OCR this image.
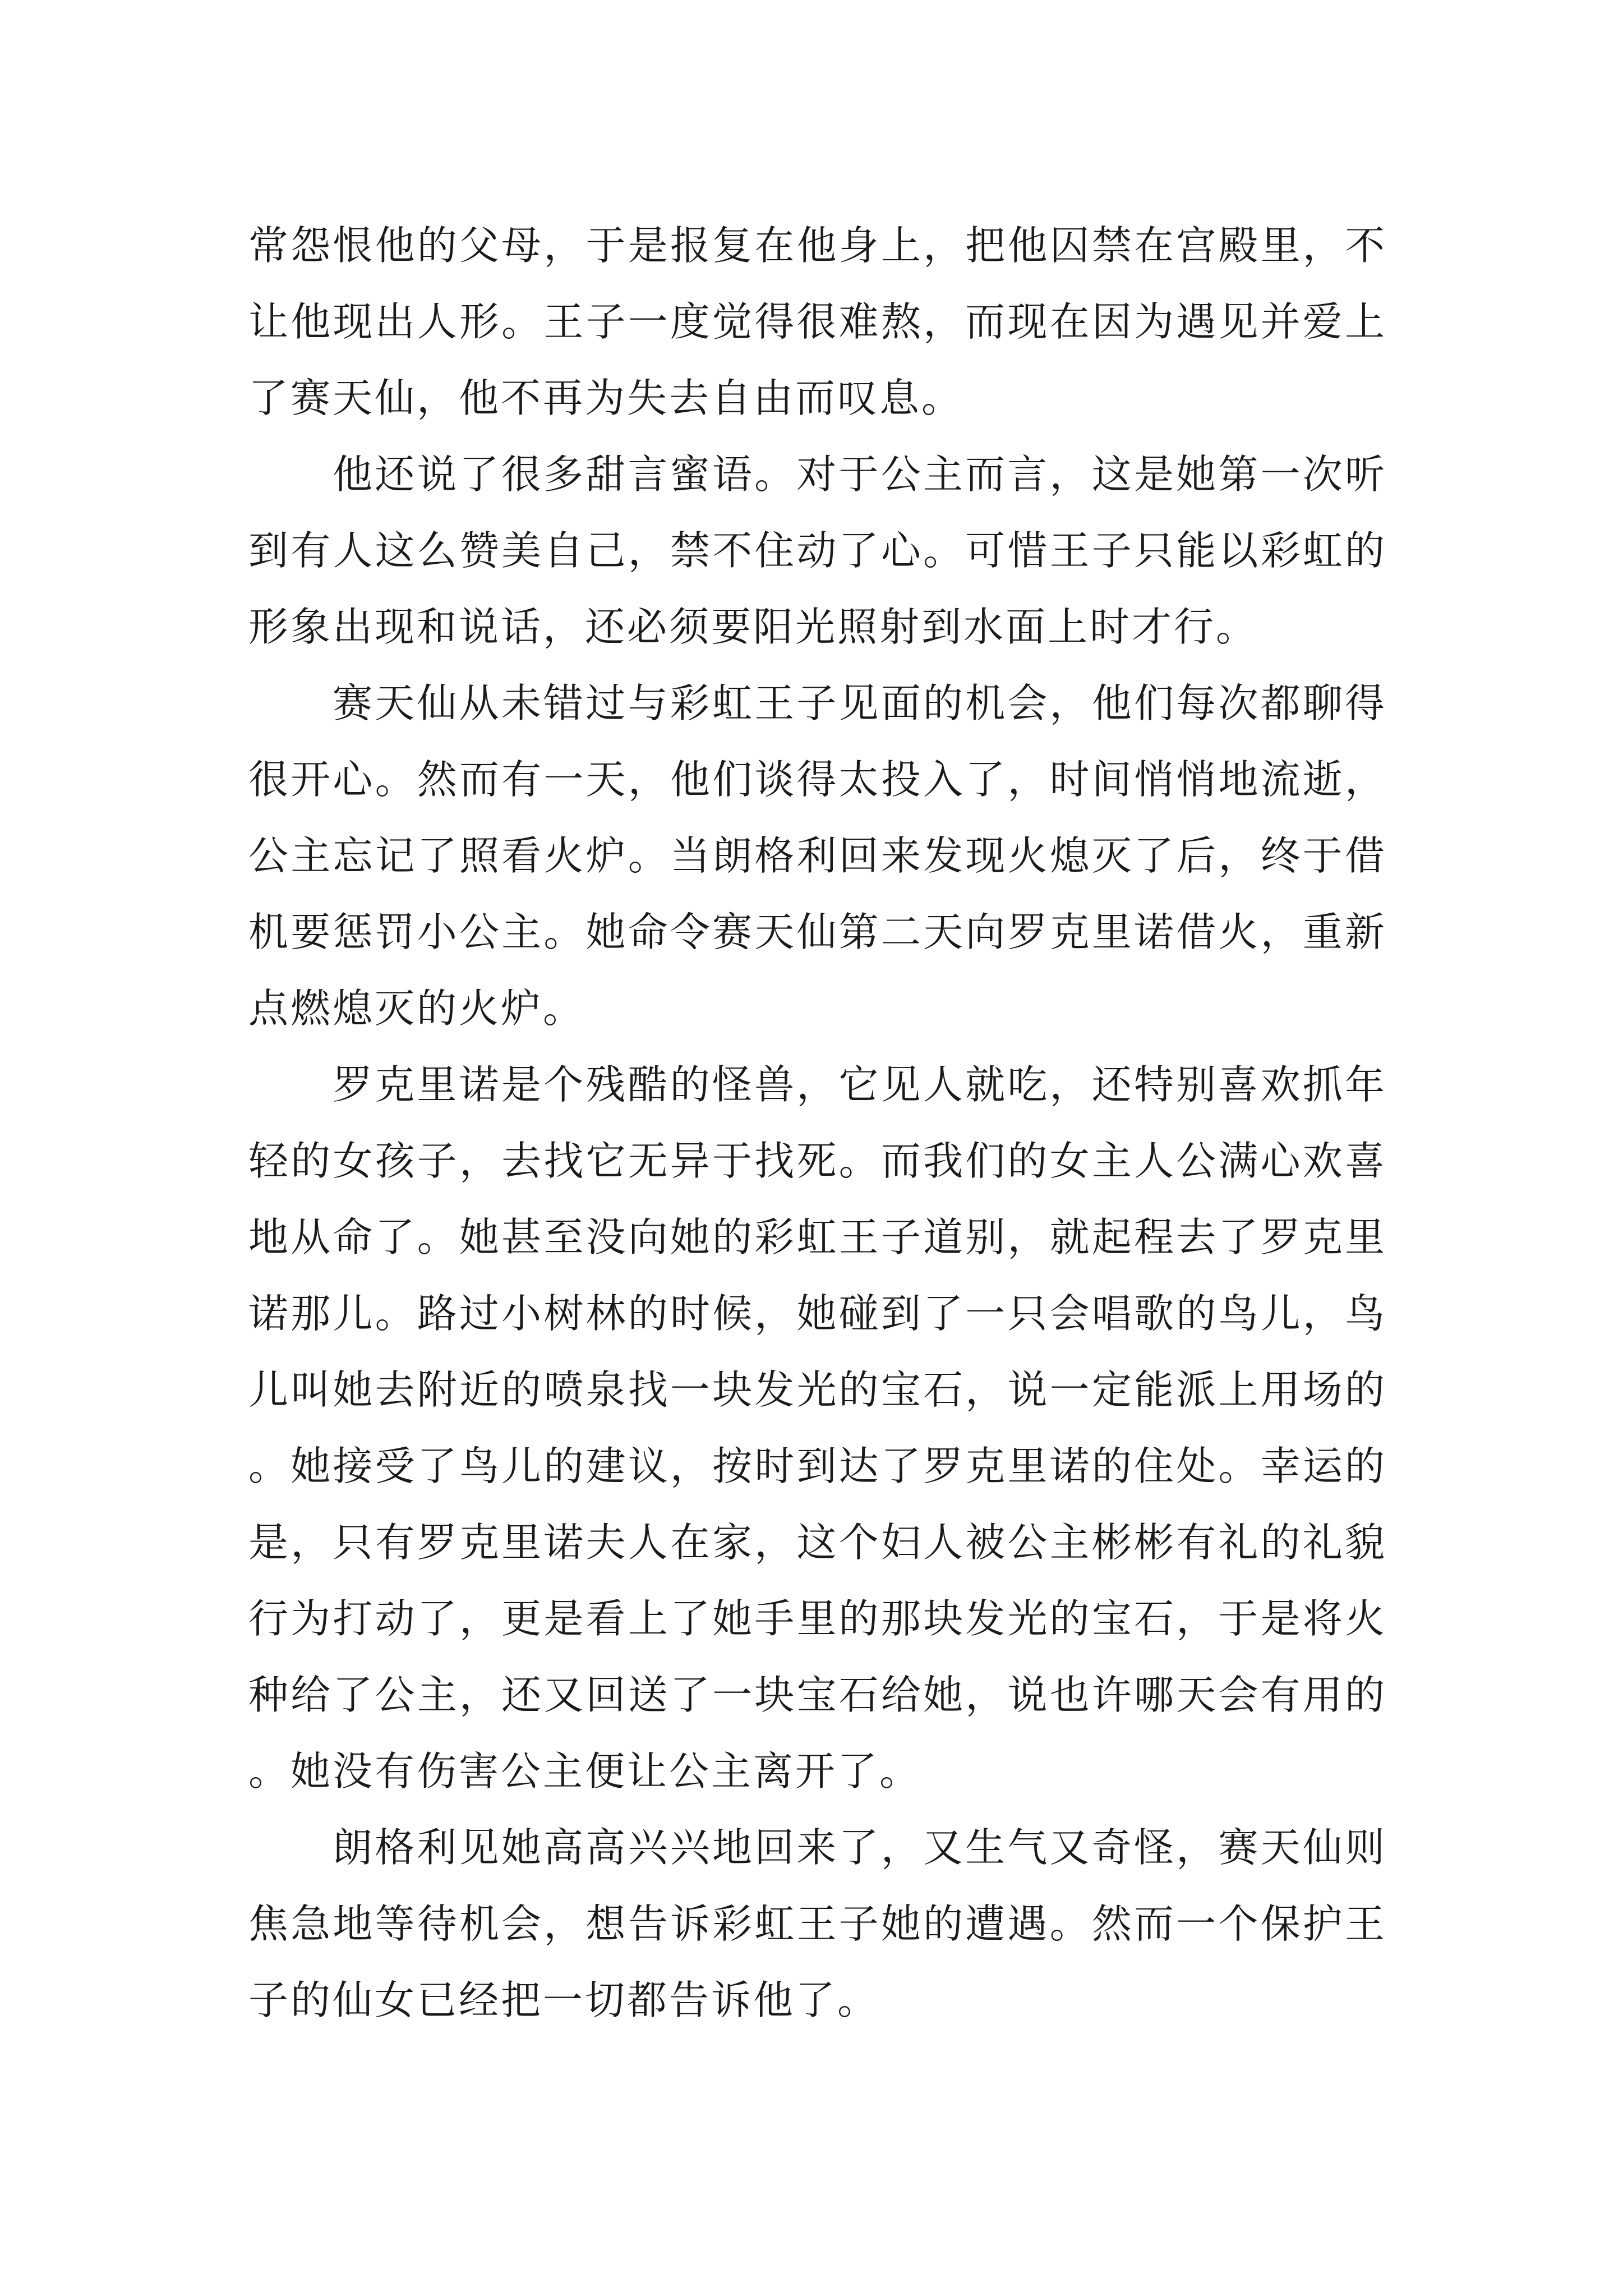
常怨恨他的父母，于是报复在他身上，把他囚禁在宫殿里，不让他现出人形。王子一度觉得很难熬，而现在因为遇见并爱上了赛天仙，他不再为失去自由而叹息。

他还说了很多甜言蜜语。对于公主而言，这是她第一次听到有人这么赞美自己，禁不住动了心。可惜王子只能以彩虹的形象出现和说话，还必须要阳光照射到水面上时才行。

赛天仙从未错过与彩虹王子见面的机会，他们每次都聊得很开心。然而有一天，他们谈得太投入了，时间悄悄地流逝，公主忘记了照看火炉。当朗格利回来发现火熄灭了后，终于借机要惩罚小公主。她命令赛天仙第二天向罗克里诺借火，重新点燃熄灭的火炉。

罗克里诺是个残酷的怪兽，它见人就吃，还特别喜欢抓年轻的女孩子，去找它无异于找死。而我们的女主人公满心欢喜地从命了。她甚至没向她的彩虹王子道别，就起程去了罗克里诺那儿。路过小树林的时候，她碰到了一只会唱歌的鸟儿，鸟儿叫她去附近的喷泉找一块发光的宝石，说一定能派上用场的。她接受了鸟儿的建议，按时到达了罗克里诺的住处。幸运的是，只有罗克里诺夫人在家，这个妇人被公主彬彬有礼的礼貌行为打动了，更是看上了她手里的那块发光的宝石，于是将火种给了公主，还又回送了一块宝石给她，说也许哪天会有用的。她没有伤害公主便让公主离开了。

朗格利见她高高兴兴地回来了，又生气又奇怪，赛天仙则焦急地等待机会，想告诉彩虹王子她的遭遇。然而一个保护王子的仙女已经把一切都告诉他了。
